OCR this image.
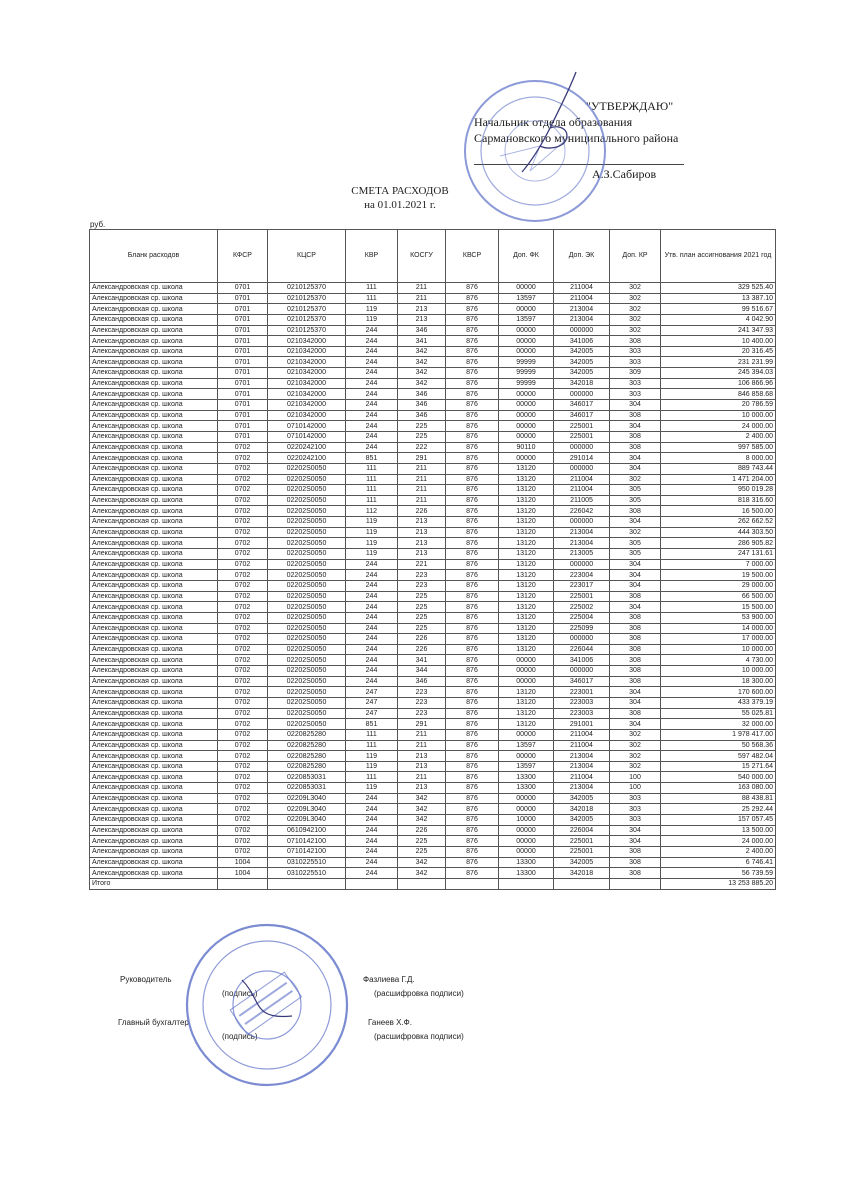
"УТВЕРЖДАЮ"
Начальник отдела образования
Сармановского муниципального района
А.З.Сабиров
СМЕТА РАСХОДОВ
на 01.01.2021 г.
руб.
Бланк расходов	КФСР	КЦСР	КВР	КОСГУ	КВСР	Доп. ФК	Доп. ЭК	Доп. КР	Утв. план ассигнования 2021 год
Александровская ср. школа	0701	0210125370	111	211	876	00000	211004	302	329 525.40
Александровская ср. школа	0701	0210125370	111	211	876	13597	211004	302	13 387.10
Александровская ср. школа	0701	0210125370	119	213	876	00000	213004	302	99 516.67
Александровская ср. школа	0701	0210125370	119	213	876	13597	213004	302	4 042.90
Александровская ср. школа	0701	0210125370	244	346	876	00000	000000	302	241 347.93
Александровская ср. школа	0701	0210342000	244	341	876	00000	341006	308	10 400.00
Александровская ср. школа	0701	0210342000	244	342	876	00000	342005	303	20 316.45
Александровская ср. школа	0701	0210342000	244	342	876	99999	342005	303	231 231.99
Александровская ср. школа	0701	0210342000	244	342	876	99999	342005	309	245 394.03
Александровская ср. школа	0701	0210342000	244	342	876	99999	342018	303	106 866.96
Александровская ср. школа	0701	0210342000	244	346	876	00000	000000	303	846 858.68
Александровская ср. школа	0701	0210342000	244	346	876	00000	346017	304	20 786.59
Александровская ср. школа	0701	0210342000	244	346	876	00000	346017	308	10 000.00
Александровская ср. школа	0701	0710142000	244	225	876	00000	225001	304	24 000.00
Александровская ср. школа	0701	0710142000	244	225	876	00000	225001	308	2 400.00
Александровская ср. школа	0702	0220242100	244	222	876	90110	000000	308	997 585.00
Александровская ср. школа	0702	0220242100	851	291	876	00000	291014	304	8 000.00
Александровская ср. школа	0702	02202S0050	111	211	876	13120	000000	304	889 743.44
Александровская ср. школа	0702	02202S0050	111	211	876	13120	211004	302	1 471 204.00
Александровская ср. школа	0702	02202S0050	111	211	876	13120	211004	305	950 019.28
Александровская ср. школа	0702	02202S0050	111	211	876	13120	211005	305	818 316.60
Александровская ср. школа	0702	02202S0050	112	226	876	13120	226042	308	16 500.00
Александровская ср. школа	0702	02202S0050	119	213	876	13120	000000	304	262 662.52
Александровская ср. школа	0702	02202S0050	119	213	876	13120	213004	302	444 303.50
Александровская ср. школа	0702	02202S0050	119	213	876	13120	213004	305	286 905.82
Александровская ср. школа	0702	02202S0050	119	213	876	13120	213005	305	247 131.61
Александровская ср. школа	0702	02202S0050	244	221	876	13120	000000	304	7 000.00
Александровская ср. школа	0702	02202S0050	244	223	876	13120	223004	304	19 500.00
Александровская ср. школа	0702	02202S0050	244	223	876	13120	223017	304	29 000.00
Александровская ср. школа	0702	02202S0050	244	225	876	13120	225001	308	66 500.00
Александровская ср. школа	0702	02202S0050	244	225	876	13120	225002	304	15 500.00
Александровская ср. школа	0702	02202S0050	244	225	876	13120	225004	308	53 900.00
Александровская ср. школа	0702	02202S0050	244	225	876	13120	225099	308	14 000.00
Александровская ср. школа	0702	02202S0050	244	226	876	13120	000000	308	17 000.00
Александровская ср. школа	0702	02202S0050	244	226	876	13120	226044	308	10 000.00
Александровская ср. школа	0702	02202S0050	244	341	876	00000	341006	308	4 730.00
Александровская ср. школа	0702	02202S0050	244	344	876	00000	000000	308	10 000.00
Александровская ср. школа	0702	02202S0050	244	346	876	00000	346017	308	18 300.00
Александровская ср. школа	0702	02202S0050	247	223	876	13120	223001	304	170 600.00
Александровская ср. школа	0702	02202S0050	247	223	876	13120	223003	304	433 379.19
Александровская ср. школа	0702	02202S0050	247	223	876	13120	223003	308	55 025.81
Александровская ср. школа	0702	02202S0050	851	291	876	13120	291001	304	32 000.00
Александровская ср. школа	0702	0220825280	111	211	876	00000	211004	302	1 978 417.00
Александровская ср. школа	0702	0220825280	111	211	876	13597	211004	302	50 568.36
Александровская ср. школа	0702	0220825280	119	213	876	00000	213004	302	597 482.04
Александровская ср. школа	0702	0220825280	119	213	876	13597	213004	302	15 271.64
Александровская ср. школа	0702	0220853031	111	211	876	13300	211004	100	540 000.00
Александровская ср. школа	0702	0220853031	119	213	876	13300	213004	100	163 080.00
Александровская ср. школа	0702	02209L3040	244	342	876	00000	342005	303	88 438.81
Александровская ср. школа	0702	02209L3040	244	342	876	00000	342018	303	25 292.44
Александровская ср. школа	0702	02209L3040	244	342	876	10000	342005	303	157 057.45
Александровская ср. школа	0702	0610942100	244	226	876	00000	226004	304	13 500.00
Александровская ср. школа	0702	0710142100	244	225	876	00000	225001	304	24 000.00
Александровская ср. школа	0702	0710142100	244	225	876	00000	225001	308	2 400.00
Александровская ср. школа	1004	0310225510	244	342	876	13300	342005	308	6 746.41
Александровская ср. школа	1004	0310225510	244	342	876	13300	342018	308	56 739.59
Итого									13 253 885.20
Руководитель
(подпись)
Фазлиева Г.Д.
(расшифровка подписи)
Главный бухгалтер
(подпись)
Ганеев Х.Ф.
(расшифровка подписи)
